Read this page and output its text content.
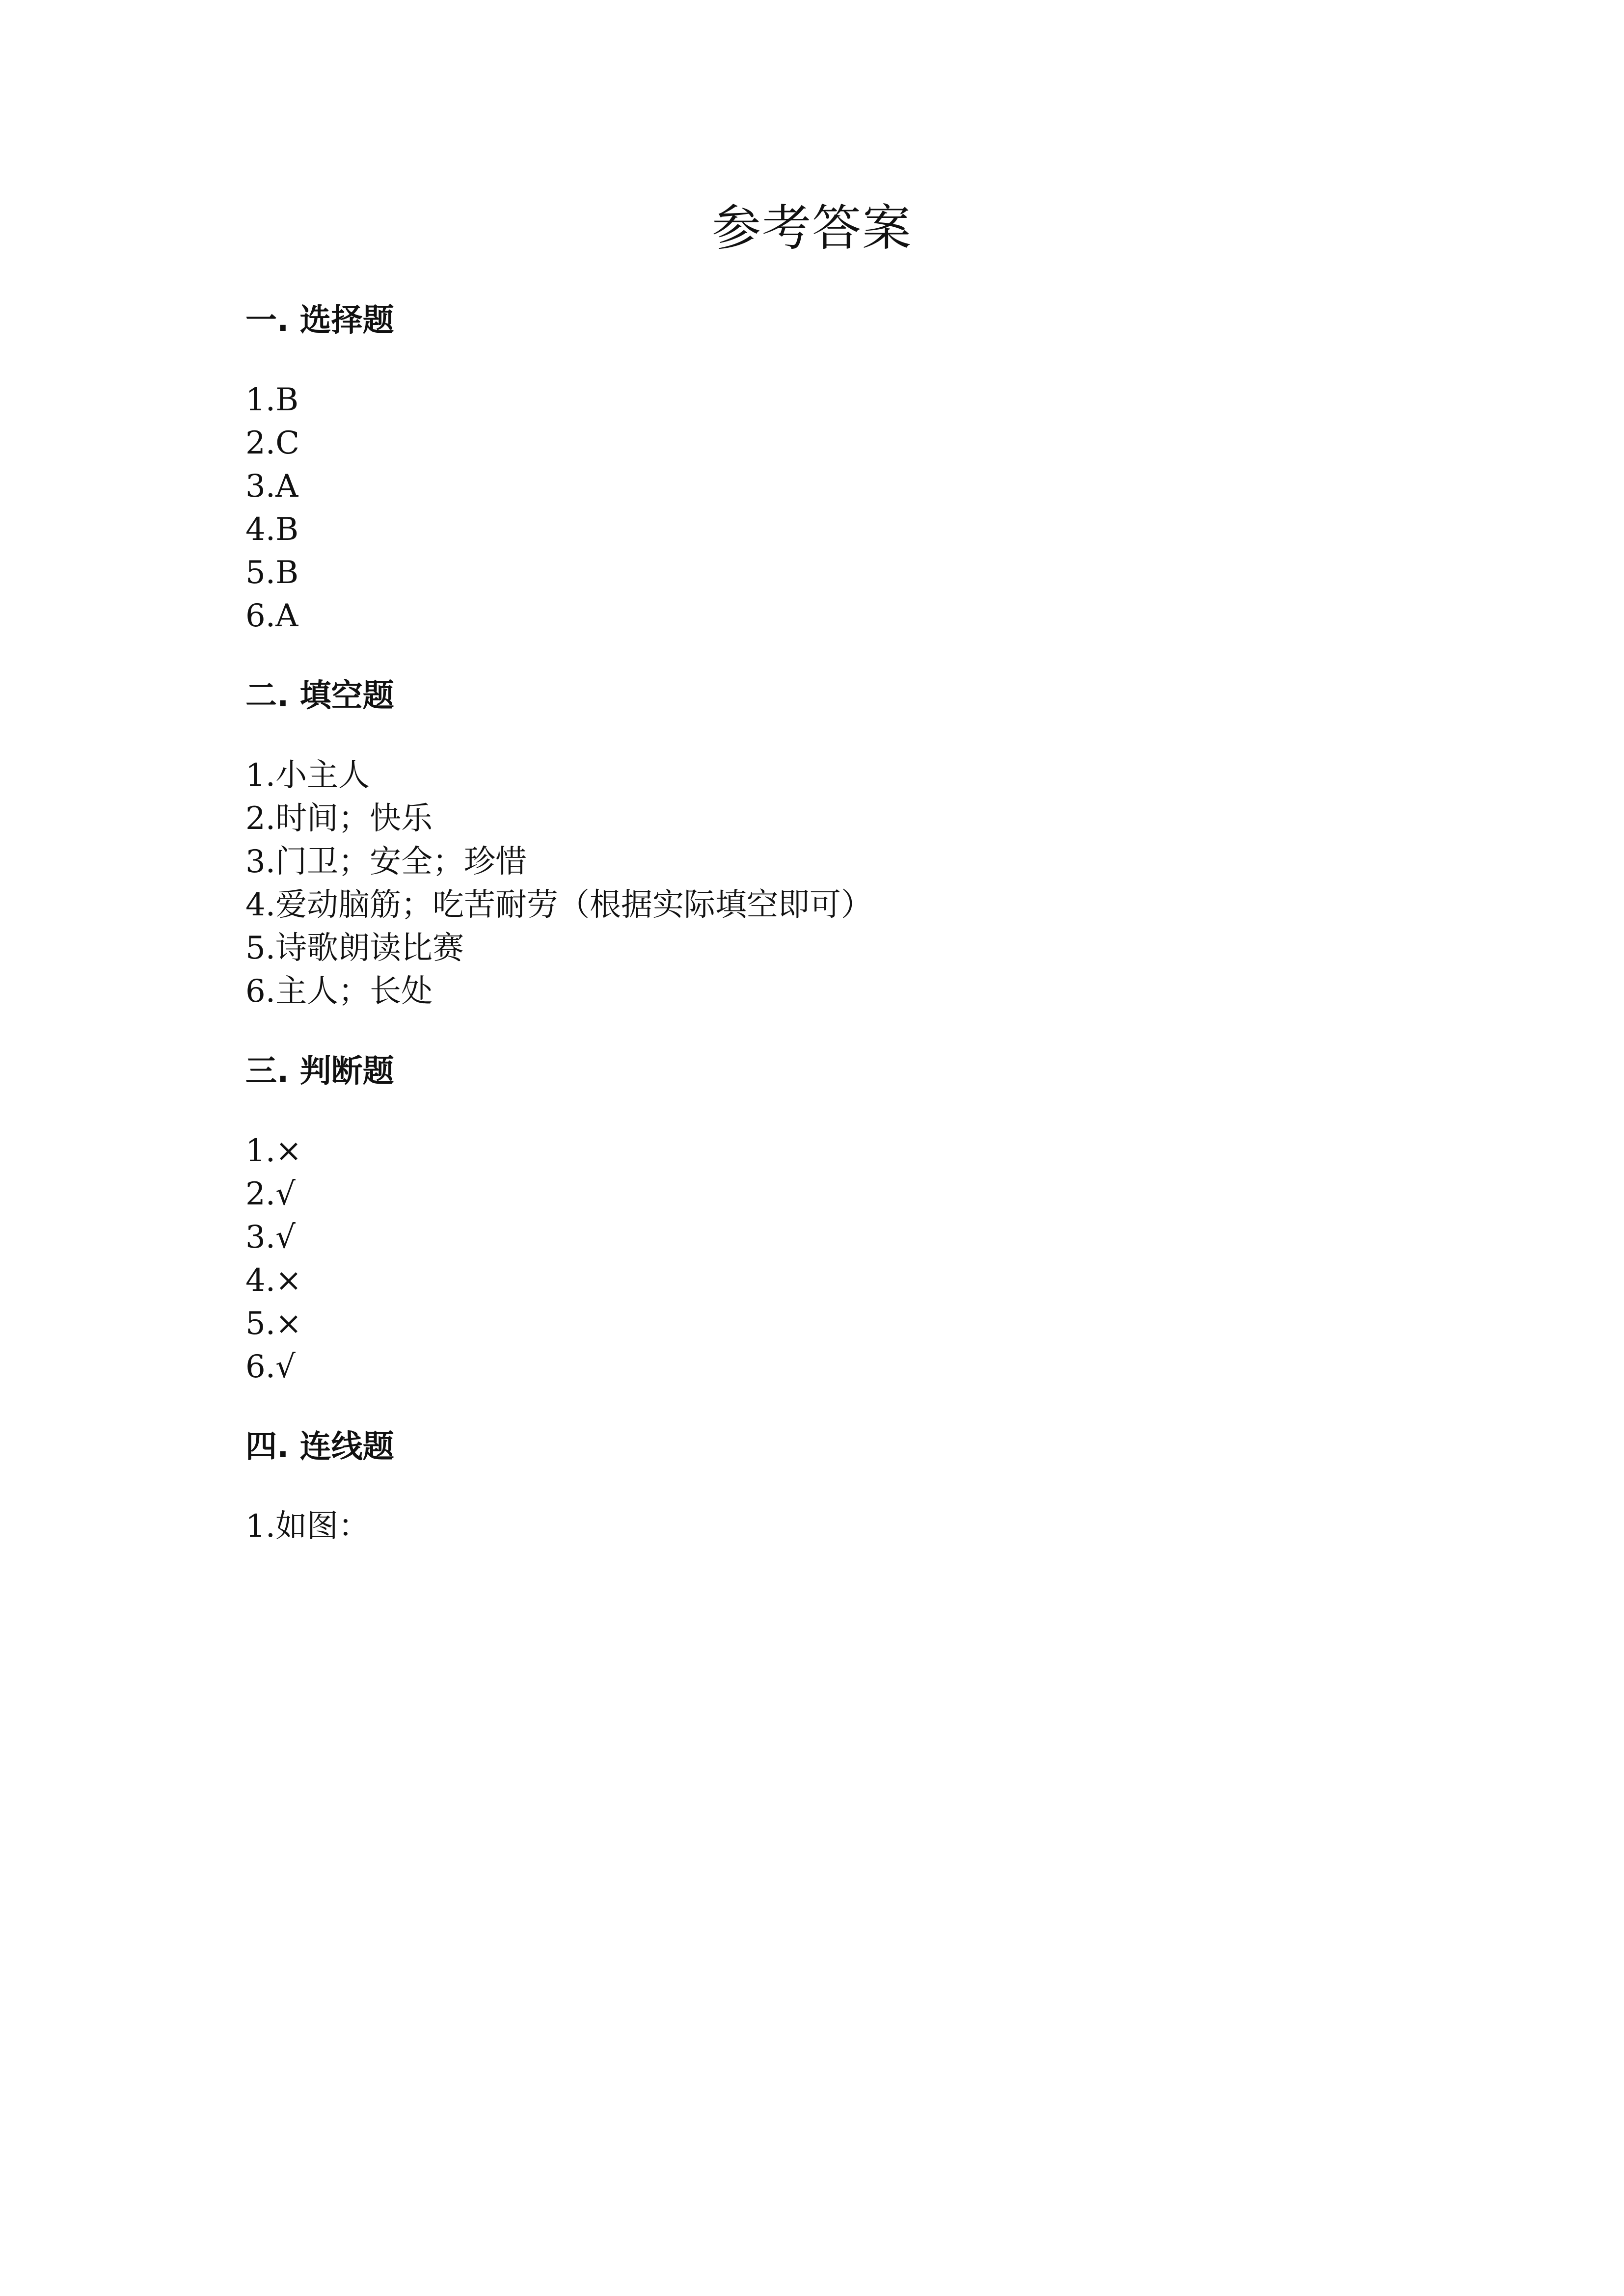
参考答案
一. 选择题
1.B
2.C
3.A
4.B
5.B
6.A
二. 填空题
1.小主人
2.时间；快乐
3.门卫；安全；珍惜
4.爱动脑筋；吃苦耐劳（根据实际填空即可）
5.诗歌朗读比赛
6.主人；长处
三. 判断题
1.×
2.√
3.√
4.×
5.×
6.√
四. 连线题
1.如图：
